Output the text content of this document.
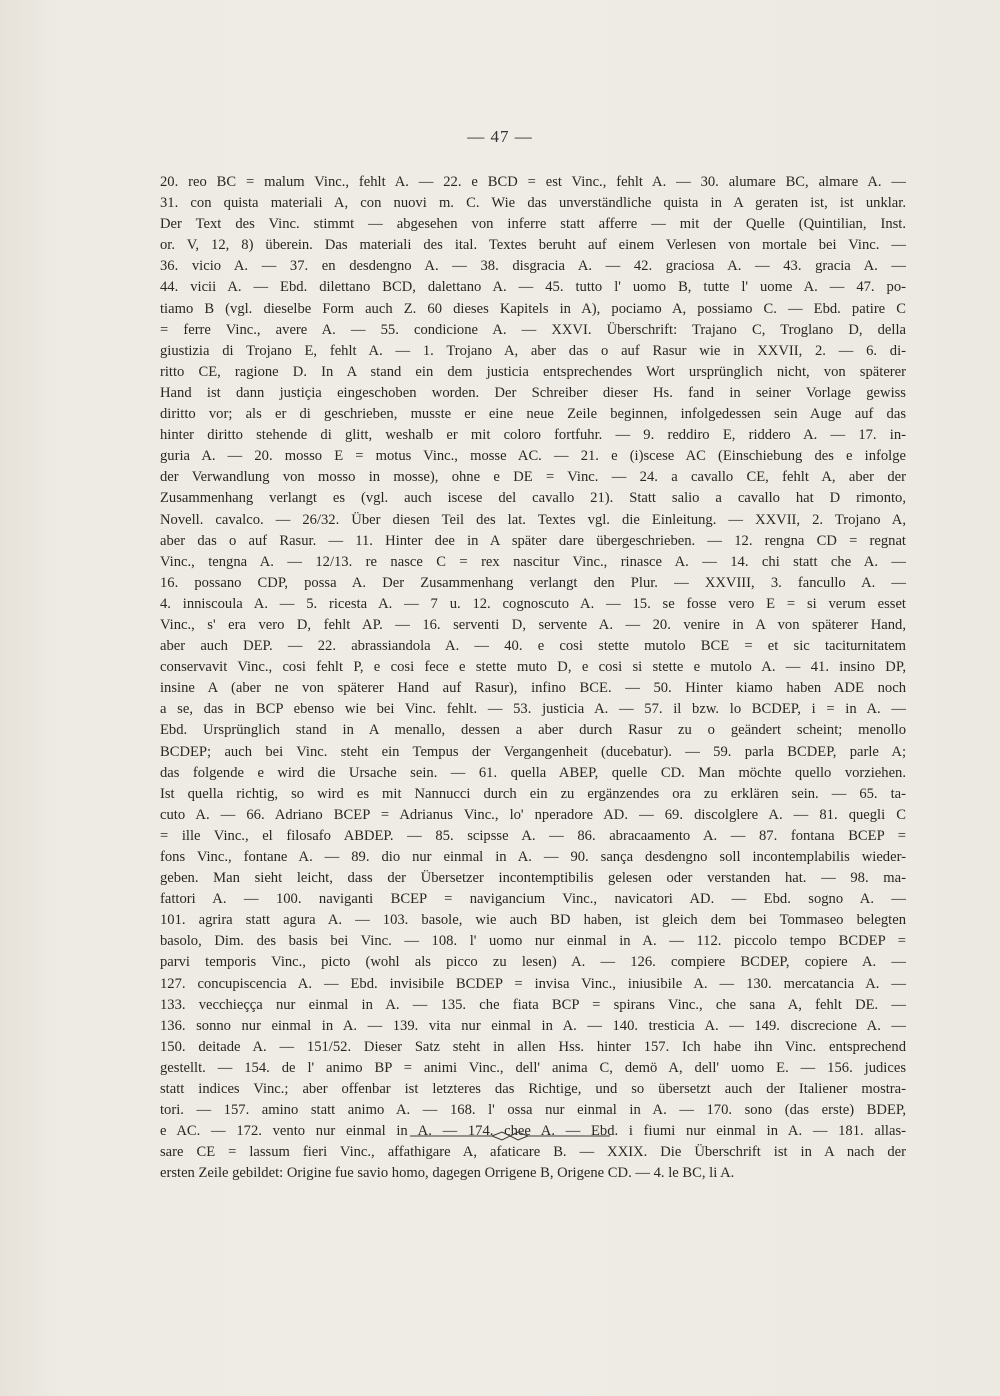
— 47 —
20. reo BC = malum Vinc., fehlt A. — 22. e BCD = est Vinc., fehlt A. — 30. alumare BC, almare A. —
31. con quista materiali A, con nuovi m. C. Wie das unverständliche quista in A geraten ist, ist unklar.
Der Text des Vinc. stimmt — abgesehen von inferre statt afferre — mit der Quelle (Quintilian, Inst.
or. V, 12, 8) überein. Das materiali des ital. Textes beruht auf einem Verlesen von mortale bei Vinc. —
36. vicio A. — 37. en desdengno A. — 38. disgracia A. — 42. graciosa A. — 43. gracia A. —
44. vicii A. — Ebd. dilettano BCD, dalettano A. — 45. tutto l' uomo B, tutte l' uome A. — 47. po-
tiamo B (vgl. dieselbe Form auch Z. 60 dieses Kapitels in A), pociamo A, possiamo C. — Ebd. patire C
= ferre Vinc., avere A. — 55. condicione A. — XXVI. Überschrift: Trajano C, Troglano D, della
giustizia di Trojano E, fehlt A. — 1. Trojano A, aber das o auf Rasur wie in XXVII, 2. — 6. di-
ritto CE, ragione D. In A stand ein dem justicia entsprechendes Wort ursprünglich nicht, von späterer
Hand ist dann justiçia eingeschoben worden. Der Schreiber dieser Hs. fand in seiner Vorlage gewiss
diritto vor; als er di geschrieben, musste er eine neue Zeile beginnen, infolgedessen sein Auge auf das
hinter diritto stehende di glitt, weshalb er mit coloro fortfuhr. — 9. reddiro E, riddero A. — 17. in-
guria A. — 20. mosso E = motus Vinc., mosse AC. — 21. e (i)scese AC (Einschiebung des e infolge
der Verwandlung von mosso in mosse), ohne e DE = Vinc. — 24. a cavallo CE, fehlt A, aber der
Zusammenhang verlangt es (vgl. auch iscese del cavallo 21). Statt salio a cavallo hat D rimonto,
Novell. cavalco. — 26/32. Über diesen Teil des lat. Textes vgl. die Einleitung. — XXVII, 2. Trojano A,
aber das o auf Rasur. — 11. Hinter dee in A später dare übergeschrieben. — 12. rengna CD = regnat
Vinc., tengna A. — 12/13. re nasce C = rex nascitur Vinc., rinasce A. — 14. chi statt che A. —
16. possano CDP, possa A. Der Zusammenhang verlangt den Plur. — XXVIII, 3. fancullo A. —
4. inniscoula A. — 5. ricesta A. — 7 u. 12. cognoscuto A. — 15. se fosse vero E = si verum esset
Vinc., s' era vero D, fehlt AP. — 16. serventi D, servente A. — 20. venire in A von späterer Hand,
aber auch DEP. — 22. abrassiandola A. — 40. e cosi stette mutolo BCE = et sic taciturnitatem
conservavit Vinc., cosi fehlt P, e cosi fece e stette muto D, e cosi si stette e mutolo A. — 41. insino DP,
insine A (aber ne von späterer Hand auf Rasur), infino BCE. — 50. Hinter kiamo haben ADE noch
a se, das in BCP ebenso wie bei Vinc. fehlt. — 53. justicia A. — 57. il bzw. lo BCDEP, i = in A. —
Ebd. Ursprünglich stand in A menallo, dessen a aber durch Rasur zu o geändert scheint; menollo
BCDEP; auch bei Vinc. steht ein Tempus der Vergangenheit (ducebatur). — 59. parla BCDEP, parle A;
das folgende e wird die Ursache sein. — 61. quella ABEP, quelle CD. Man möchte quello vorziehen.
Ist quella richtig, so wird es mit Nannucci durch ein zu ergänzendes ora zu erklären sein. — 65. ta-
cuto A. — 66. Adriano BCEP = Adrianus Vinc., lo' nperadore AD. — 69. discolglere A. — 81. quegli C
= ille Vinc., el filosafo ABDEP. — 85. scipsse A. — 86. abracaamento A. — 87. fontana BCEP =
fons Vinc., fontane A. — 89. dio nur einmal in A. — 90. sança desdengno soll incontemplabilis wieder-
geben. Man sieht leicht, dass der Übersetzer incontemptibilis gelesen oder verstanden hat. — 98. ma-
fattori A. — 100. naviganti BCEP = navigancium Vinc., navicatori AD. — Ebd. sogno A. —
101. agrira statt agura A. — 103. basole, wie auch BD haben, ist gleich dem bei Tommaseo belegten
basolo, Dim. des basis bei Vinc. — 108. l' uomo nur einmal in A. — 112. piccolo tempo BCDEP =
parvi temporis Vinc., picto (wohl als picco zu lesen) A. — 126. compiere BCDEP, copiere A. —
127. concupiscencia A. — Ebd. invisibile BCDEP = invisa Vinc., iniusibile A. — 130. mercatancia A. —
133. vecchieçça nur einmal in A. — 135. che fiata BCP = spirans Vinc., che sana A, fehlt DE. —
136. sonno nur einmal in A. — 139. vita nur einmal in A. — 140. tresticia A. — 149. discrecione A. —
150. deitade A. — 151/52. Dieser Satz steht in allen Hss. hinter 157. Ich habe ihn Vinc. entsprechend
gestellt. — 154. de l' animo BP = animi Vinc., dell' anima C, demö A, dell' uomo E. — 156. judices
statt indices Vinc.; aber offenbar ist letzteres das Richtige, und so übersetzt auch der Italiener mostra-
tori. — 157. amino statt animo A. — 168. l' ossa nur einmal in A. — 170. sono (das erste) BDEP,
e AC. — 172. vento nur einmal in A. — 174. chee A. — Ebd. i fiumi nur einmal in A. — 181. allas-
sare CE = lassum fieri Vinc., affathigare A, afaticare B. — XXIX. Die Überschrift ist in A nach der
ersten Zeile gebildet: Origine fue savio homo, dagegen Orrigene B, Origene CD. — 4. le BC, li A.
